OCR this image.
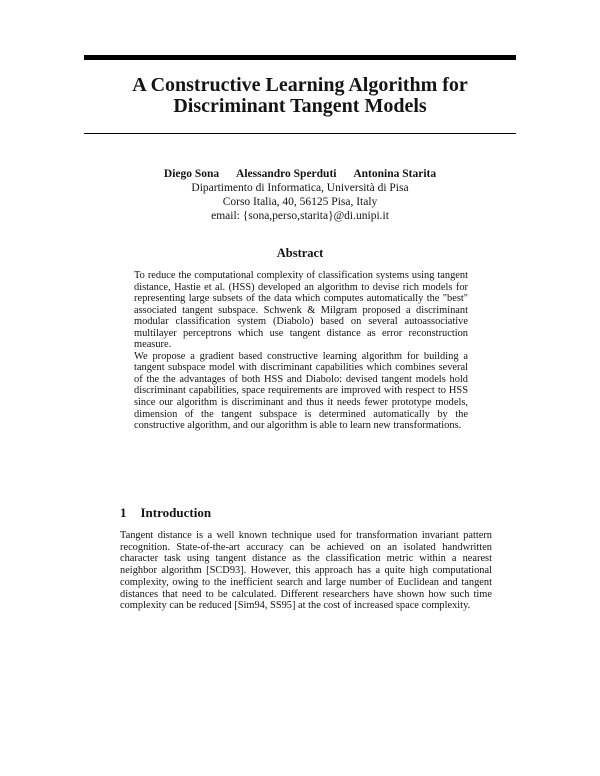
A Constructive Learning Algorithm for
Discriminant Tangent Models
Diego Sona Alessandro Sperduti Antonina Starita
Dipartimento di Informatica, Università di Pisa
Corso Italia, 40, 56125 Pisa, Italy
email: {sona,perso,starita}@di.unipi.it
Abstract

To reduce the computational complexity of classification systems using tangent distance, Hastie et al. (HSS) developed an algorithm to devise rich models for representing large subsets of the data which computes automatically the "best" associated tangent subspace. Schwenk & Milgram proposed a discriminant modular classification system (Diabolo) based on several autoassociative multilayer perceptrons which use tangent distance as error reconstruction measure.

We propose a gradient based constructive learning algorithm for building a tangent subspace model with discriminant capabilities which combines several of the the advantages of both HSS and Diabolo: devised tangent models hold discriminant capabilities, space requirements are improved with respect to HSS since our algorithm is discriminant and thus it needs fewer prototype models, dimension of the tangent subspace is determined automatically by the constructive algorithm, and our algorithm is able to learn new transformations.

1 Introduction

Tangent distance is a well known technique used for transformation invariant pattern recognition. State-of-the-art accuracy can be achieved on an isolated handwritten character task using tangent distance as the classification metric within a nearest neighbor algorithm [SCD93]. However, this approach has a quite high computational complexity, owing to the inefficient search and large number of Euclidean and tangent distances that need to be calculated. Different researchers have shown how such time complexity can be reduced [Sim94, SS95] at the cost of increased space complexity.
